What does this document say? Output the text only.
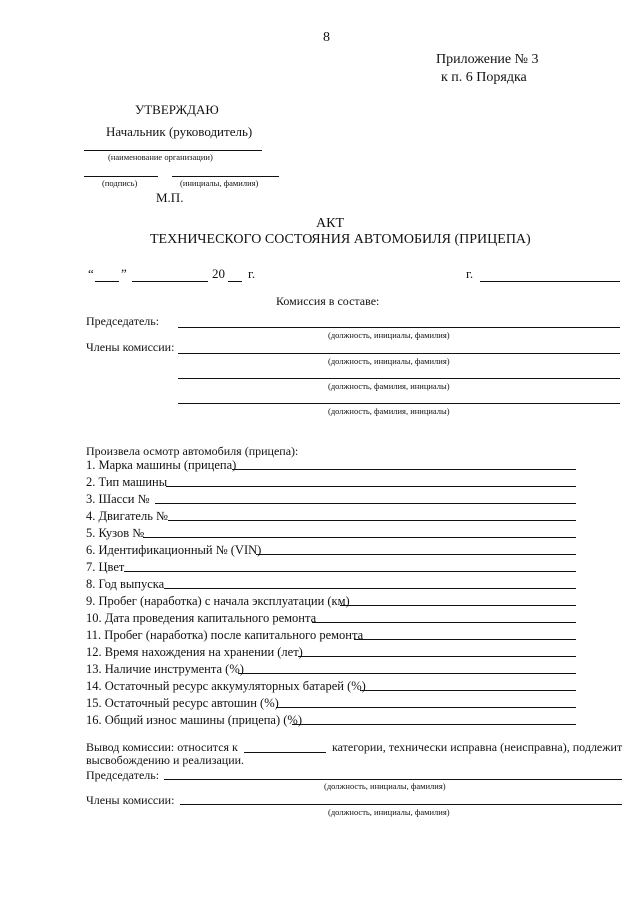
8
Приложение № 3
к п. 6 Порядка
УТВЕРЖДАЮ
Начальник (руководитель)
(наименование организации)
(подпись)	(инициалы, фамилия)
М.П.
АКТ
ТЕХНИЧЕСКОГО СОСТОЯНИЯ АВТОМОБИЛЯ (ПРИЦЕПА)
“ ”	20 г.	г.
Комиссия в составе:
Председатель:
(должность, инициалы, фамилия)
Члены комиссии:
(должность, инициалы, фамилия)
(должность, фамилия, инициалы)
(должность, фамилия, инициалы)
Произвела осмотр автомобиля (прицепа):
1. Марка машины (прицепа)
2. Тип машины
3. Шасси №
4. Двигатель №
5. Кузов №
6. Идентификационный № (VIN)
7. Цвет
8. Год выпуска
9. Пробег (наработка) с начала эксплуатации (км)
10. Дата проведения капитального ремонта
11. Пробег (наработка) после капитального ремонта
12. Время нахождения на хранении (лет)
13. Наличие инструмента (%)
14. Остаточный ресурс аккумуляторных батарей (%)
15. Остаточный ресурс автошин (%)
16. Общий износ машины (прицепа) (%)
Вывод комиссии: относится к	категории, технически исправна (неисправна), подлежит
высвобождению и реализации.
Председатель:
(должность, инициалы, фамилия)
Члены комиссии:
(должность, инициалы, фамилия)
